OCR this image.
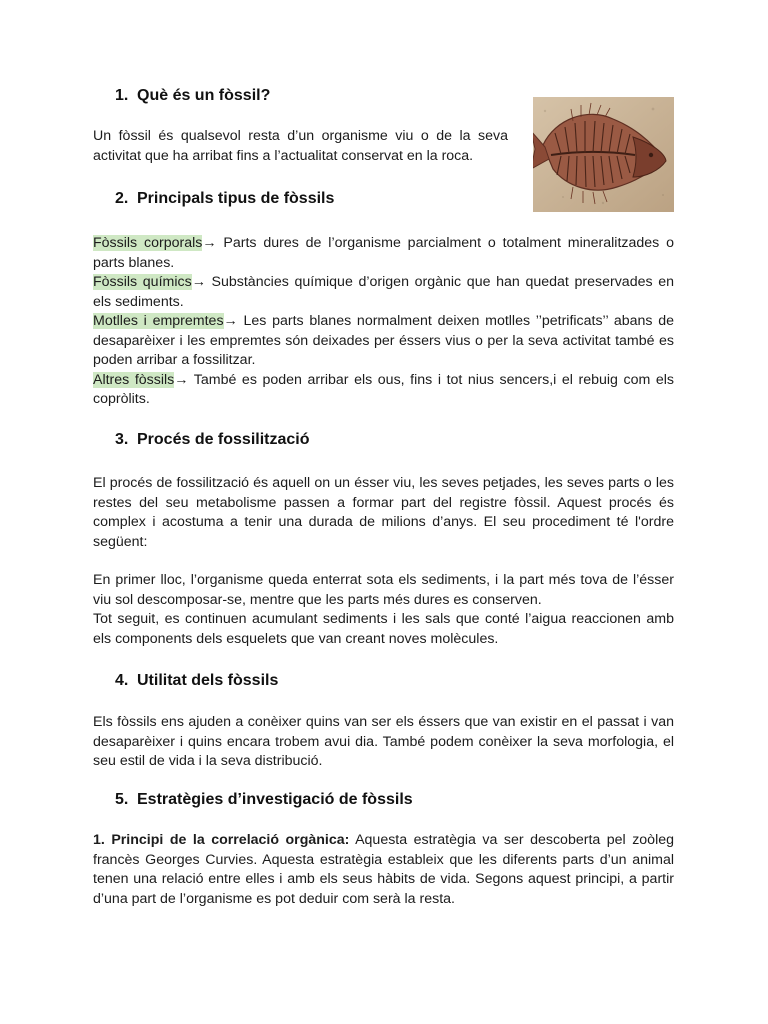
1. Què és un fòssil?

Un fòssil és qualsevol resta d’un organisme viu o de la seva activitat que ha arribat fins a l’actualitat conservat en la roca.

2. Principals tipus de fòssils
Fòssils corporals→ Parts dures de l’organisme parcialment o totalment mineralitzades o parts blanes.
Fòssils químics→ Substàncies químique d’origen orgànic que han quedat preservades en els sediments.
Motlles i empremtes→ Les parts blanes normalment deixen motlles ’’petrificats’’ abans de desaparèixer i les empremtes són deixades per éssers vius o per la seva activitat també es poden arribar a fossilitzar.
Altres fòssils→ També es poden arribar els ous, fins i tot nius sencers,i el rebuig com els copròlits.
3. Procés de fossilització

El procés de fossilització és aquell on un ésser viu, les seves petjades, les seves parts o les restes del seu metabolisme passen a formar part del registre fòssil. Aquest procés és complex i acostuma a tenir una durada de milions d’anys. El seu procediment té l'ordre següent:

En primer lloc, l’organisme queda enterrat sota els sediments, i la part més tova de l’ésser viu sol descomposar-se, mentre que les parts més dures es conserven.
Tot seguit, es continuen acumulant sediments i les sals que conté l’aigua reaccionen amb els components dels esquelets que van creant noves molècules.
4. Utilitat dels fòssils

Els fòssils ens ajuden a conèixer quins van ser els éssers que van existir en el passat i van desaparèixer i quins encara trobem avui dia. També podem conèixer la seva morfologia, el seu estil de vida i la seva distribució.

5. Estratègies d’investigació de fòssils

1. Principi de la correlació orgànica: Aquesta estratègia va ser descoberta pel zoòleg francès Georges Curvies. Aquesta estratègia estableix que les diferents parts d’un animal tenen una relació entre elles i amb els seus hàbits de vida. Segons aquest principi, a partir d’una part de l’organisme es pot deduir com serà la resta.
